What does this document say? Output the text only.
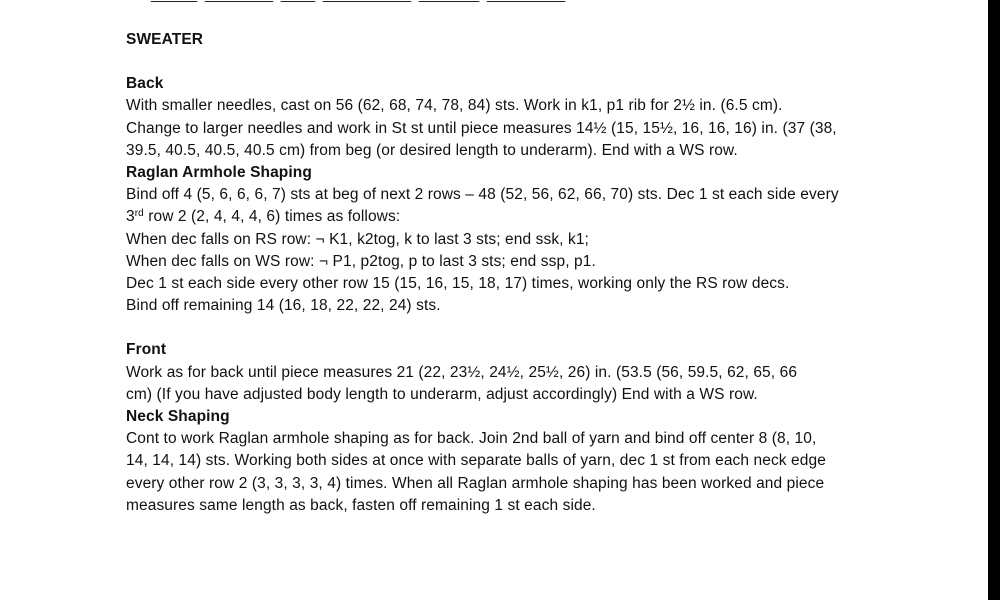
SWEATER

Back

With smaller needles, cast on 56 (62, 68, 74, 78, 84) sts. Work in k1, p1 rib for 2½ in. (6.5 cm).

Change to larger needles and work in St st until piece measures 14½ (15, 15½, 16, 16, 16) in. (37 (38,

39.5, 40.5, 40.5, 40.5 cm) from beg (or desired length to underarm). End with a WS row.

Raglan Armhole Shaping

Bind off 4 (5, 6, 6, 6, 7) sts at beg of next 2 rows – 48 (52, 56, 62, 66, 70) sts. Dec 1 st each side every

3rd row 2 (2, 4, 4, 4, 6) times as follows:

When dec falls on RS row: ¬ K1, k2tog, k to last 3 sts; end ssk, k1;

When dec falls on WS row: ¬ P1, p2tog, p to last 3 sts; end ssp, p1.

Dec 1 st each side every other row 15 (15, 16, 15, 18, 17) times, working only the RS row decs.

Bind off remaining 14 (16, 18, 22, 22, 24) sts.

Front

Work as for back until piece measures 21 (22, 23½, 24½, 25½, 26) in. (53.5 (56, 59.5, 62, 65, 66

cm) (If you have adjusted body length to underarm, adjust accordingly) End with a WS row.

Neck Shaping

Cont to work Raglan armhole shaping as for back. Join 2nd ball of yarn and bind off center 8 (8, 10,

14, 14, 14) sts. Working both sides at once with separate balls of yarn, dec 1 st from each neck edge

every other row 2 (3, 3, 3, 3, 4) times. When all Raglan armhole shaping has been worked and piece

measures same length as back, fasten off remaining 1 st each side.
